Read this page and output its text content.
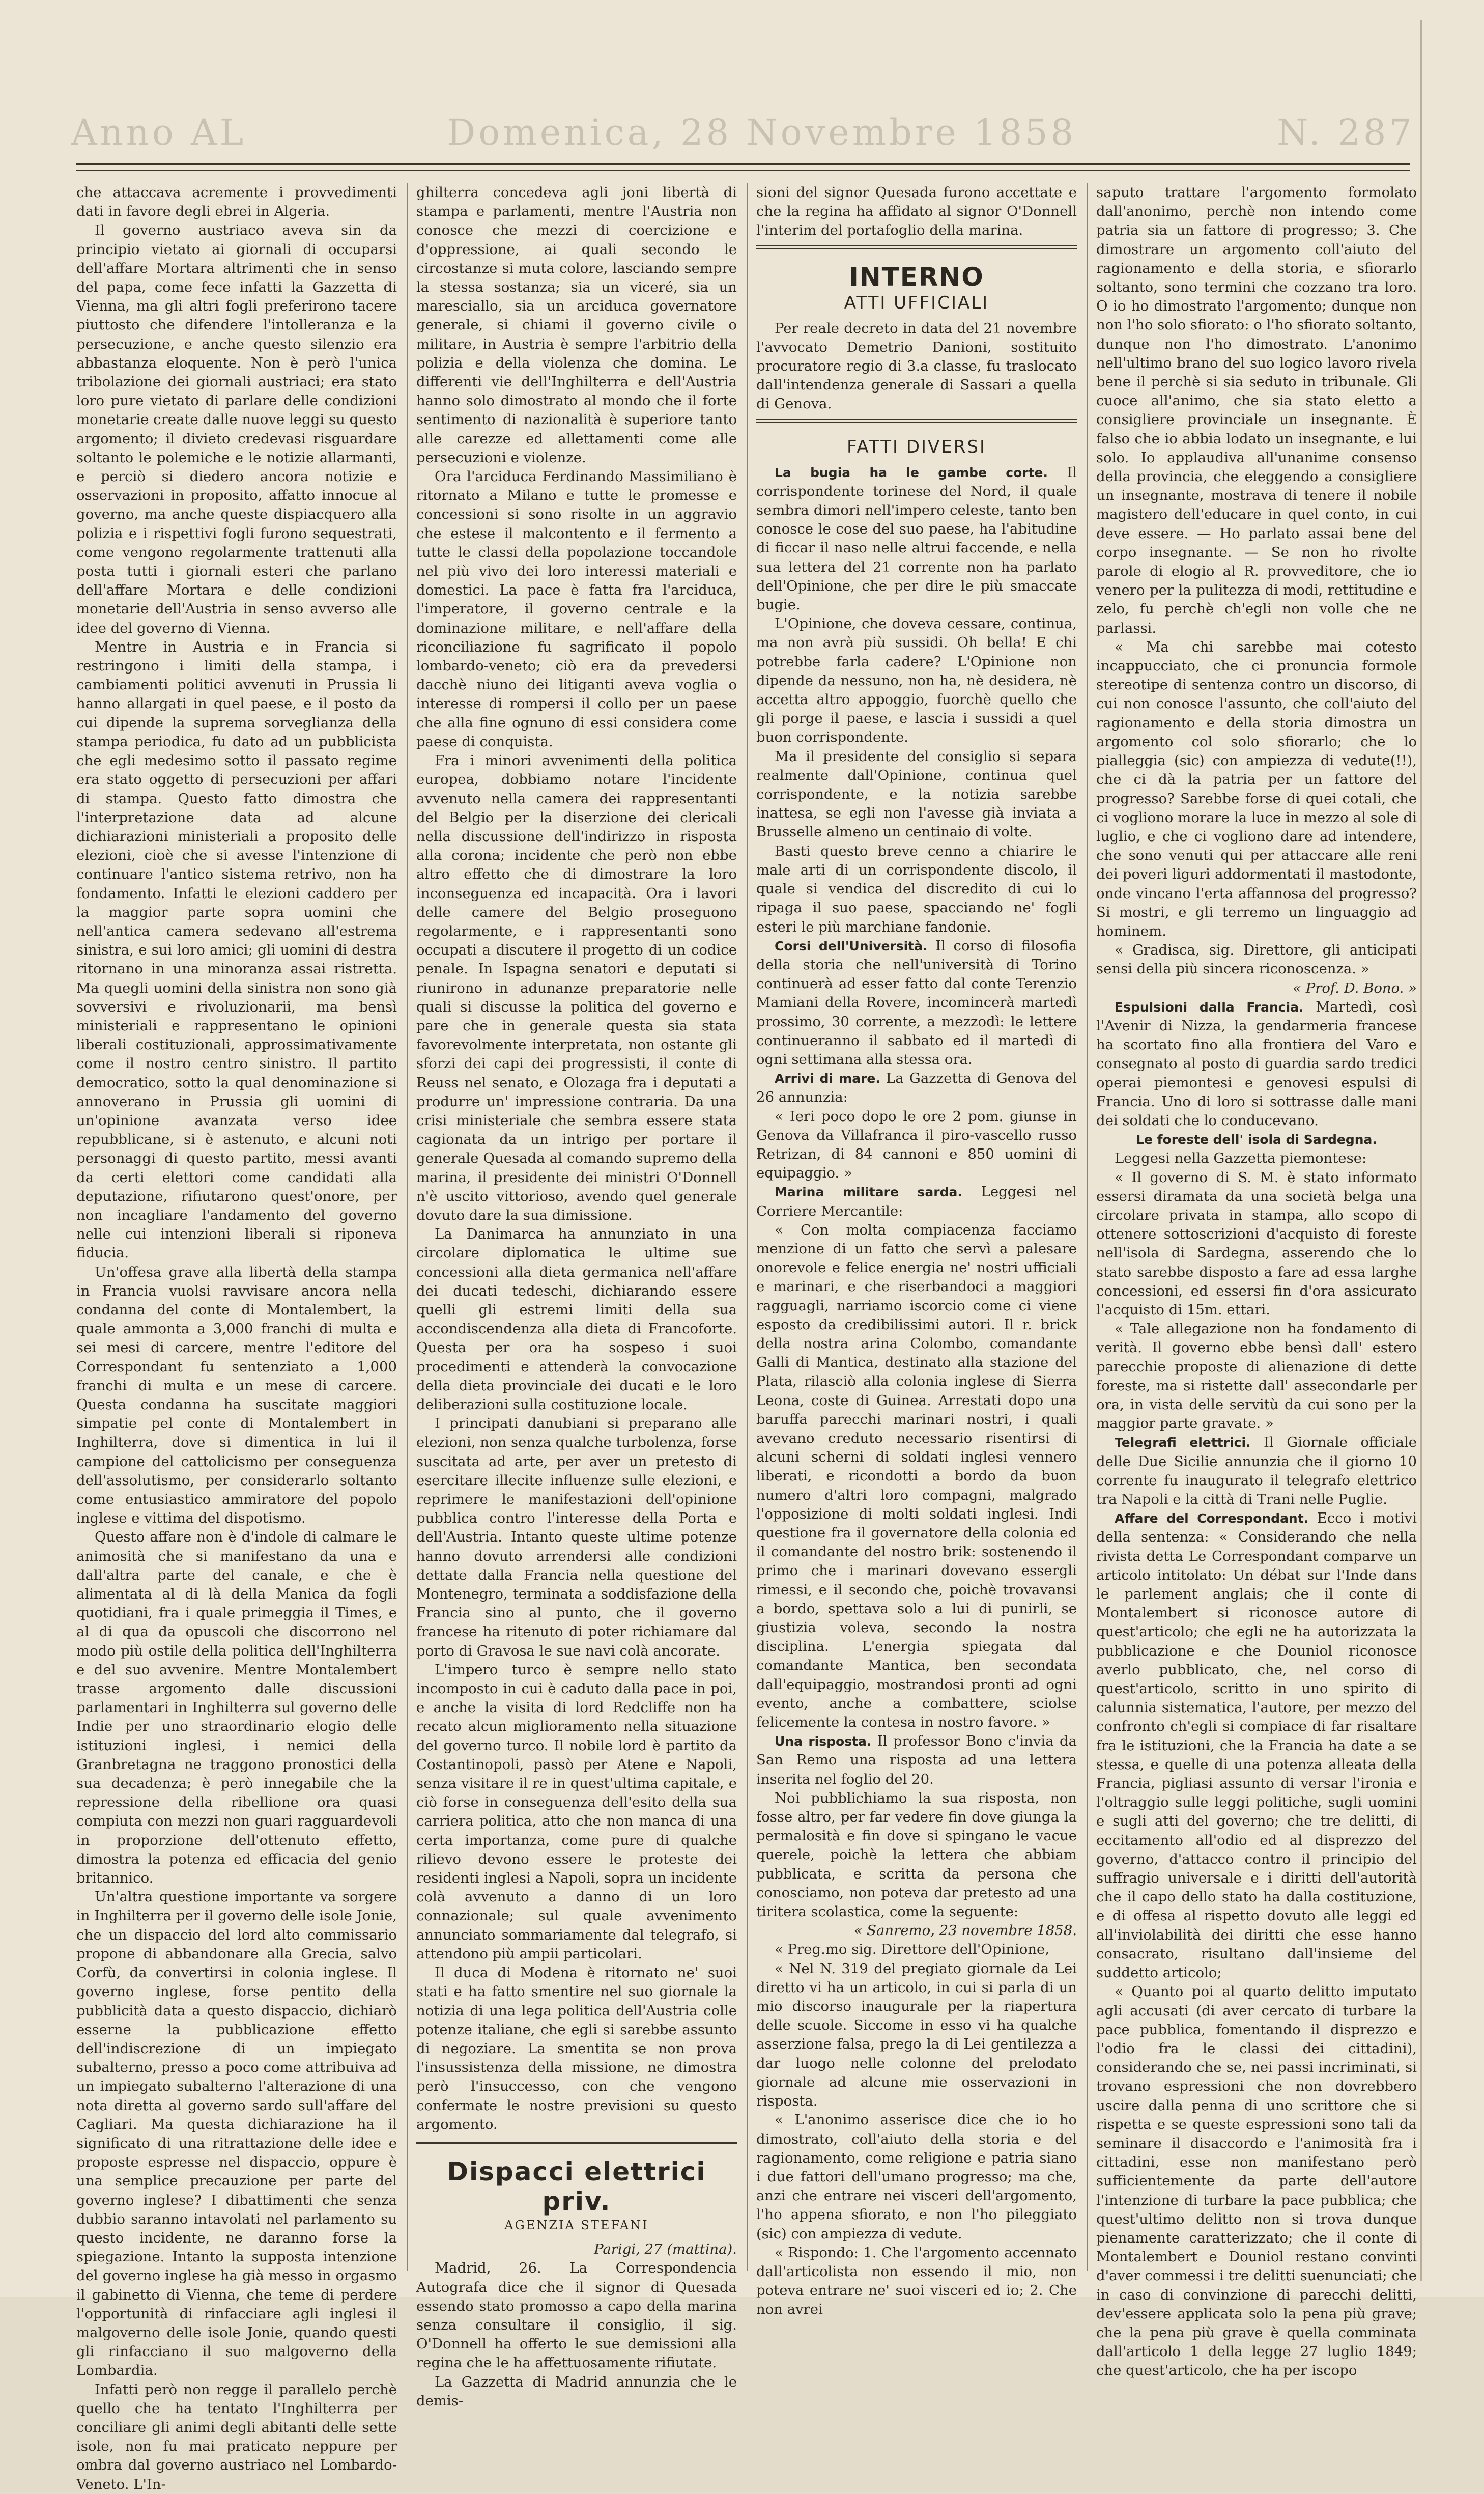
Anno AL	Domenica, 28 Novembre 1858	N. 287

che attaccava acremente i provvedimenti dati in favore degli ebrei in Algeria.

Il governo austriaco aveva sin da principio vietato ai giornali di occuparsi dell'affare Mortara altrimenti che in senso del papa, come fece infatti la Gazzetta di Vienna, ma gli altri fogli preferirono tacere piuttosto che difendere l'intolleranza e la persecuzione, e anche questo silenzio era abbastanza eloquente. Non è però l'unica tribolazione dei giornali austriaci; era stato loro pure vietato di parlare delle condizioni monetarie create dalle nuove leggi su questo argomento; il divieto credevasi risguardare soltanto le polemiche e le notizie allarmanti, e perciò si diedero ancora notizie e osservazioni in proposito, affatto innocue al governo, ma anche queste dispiacquero alla polizia e i rispettivi fogli furono sequestrati, come vengono regolarmente trattenuti alla posta tutti i giornali esteri che parlano dell'affare Mortara e delle condizioni monetarie dell'Austria in senso avverso alle idee del governo di Vienna.

Mentre in Austria e in Francia si restringono i limiti della stampa, i cambiamenti politici avvenuti in Prussia li hanno allargati in quel paese, e il posto da cui dipende la suprema sorveglianza della stampa periodica, fu dato ad un pubblicista che egli medesimo sotto il passato regime era stato oggetto di persecuzioni per affari di stampa. Questo fatto dimostra che l'interpretazione data ad alcune dichiarazioni ministeriali a proposito delle elezioni, cioè che si avesse l'intenzione di continuare l'antico sistema retrivo, non ha fondamento. Infatti le elezioni caddero per la maggior parte sopra uomini che nell'antica camera sedevano all'estrema sinistra, e sui loro amici; gli uomini di destra ritornano in una minoranza assai ristretta. Ma quegli uomini della sinistra non sono già sovversivi e rivoluzionarii, ma bensì ministeriali e rappresentano le opinioni liberali costituzionali, approssimativamente come il nostro centro sinistro. Il partito democratico, sotto la qual denominazione si annoverano in Prussia gli uomini di un'opinione avanzata verso idee repubblicane, si è astenuto, e alcuni noti personaggi di questo partito, messi avanti da certi elettori come candidati alla deputazione, rifiutarono quest'onore, per non incagliare l'andamento del governo nelle cui intenzioni liberali si riponeva fiducia.

Un'offesa grave alla libertà della stampa in Francia vuolsi ravvisare ancora nella condanna del conte di Montalembert, la quale ammonta a 3,000 franchi di multa e sei mesi di carcere, mentre l'editore del Correspondant fu sentenziato a 1,000 franchi di multa e un mese di carcere. Questa condanna ha suscitate maggiori simpatie pel conte di Montalembert in Inghilterra, dove si dimentica in lui il campione del cattolicismo per conseguenza dell'assolutismo, per considerarlo soltanto come entusiastico ammiratore del popolo inglese e vittima del dispotismo.

Questo affare non è d'indole di calmare le animosità che si manifestano da una e dall'altra parte del canale, e che è alimentata al di là della Manica da fogli quotidiani, fra i quale primeggia il Times, e al di qua da opuscoli che discorrono nel modo più ostile della politica dell'Inghilterra e del suo avvenire. Mentre Montalembert trasse argomento dalle discussioni parlamentari in Inghilterra sul governo delle Indie per uno straordinario elogio delle istituzioni inglesi, i nemici della Granbretagna ne traggono pronostici della sua decadenza; è però innegabile che la repressione della ribellione ora quasi compiuta con mezzi non guari ragguardevoli in proporzione dell'ottenuto effetto, dimostra la potenza ed efficacia del genio britannico.

Un'altra questione importante va sorgere in Inghilterra per il governo delle isole Jonie, che un dispaccio del lord alto commissario propone di abbandonare alla Grecia, salvo Corfù, da convertirsi in colonia inglese. Il governo inglese, forse pentito della pubblicità data a questo dispaccio, dichiarò esserne la pubblicazione effetto dell'indiscrezione di un impiegato subalterno, presso a poco come attribuiva ad un impiegato subalterno l'alterazione di una nota diretta al governo sardo sull'affare del Cagliari. Ma questa dichiarazione ha il significato di una ritrattazione delle idee e proposte espresse nel dispaccio, oppure è una semplice precauzione per parte del governo inglese? I dibattimenti che senza dubbio saranno intavolati nel parlamento su questo incidente, ne daranno forse la spiegazione. Intanto la supposta intenzione del governo inglese ha già messo in orgasmo il gabinetto di Vienna, che teme di perdere l'opportunità di rinfacciare agli inglesi il malgoverno delle isole Jonie, quando questi gli rinfacciano il suo malgoverno della Lombardia.

Infatti però non regge il parallelo perchè quello che ha tentato l'Inghilterra per conciliare gli animi degli abitanti delle sette isole, non fu mai praticato neppure per ombra dal governo austriaco nel Lombardo-Veneto. L'In-

ghilterra concedeva agli joni libertà di stampa e parlamenti, mentre l'Austria non conosce che mezzi di coercizione e d'oppressione, ai quali secondo le circostanze si muta colore, lasciando sempre la stessa sostanza; sia un viceré, sia un maresciallo, sia un arciduca governatore generale, si chiami il governo civile o militare, in Austria è sempre l'arbitrio della polizia e della violenza che domina. Le differenti vie dell'Inghilterra e dell'Austria hanno solo dimostrato al mondo che il forte sentimento di nazionalità è superiore tanto alle carezze ed allettamenti come alle persecuzioni e violenze.

Ora l'arciduca Ferdinando Massimiliano è ritornato a Milano e tutte le promesse e concessioni si sono risolte in un aggravio che estese il malcontento e il fermento a tutte le classi della popolazione toccandole nel più vivo dei loro interessi materiali e domestici. La pace è fatta fra l'arciduca, l'imperatore, il governo centrale e la dominazione militare, e nell'affare della riconciliazione fu sagrificato il popolo lombardo-veneto; ciò era da prevedersi dacchè niuno dei litiganti aveva voglia o interesse di rompersi il collo per un paese che alla fine ognuno di essi considera come paese di conquista.

Fra i minori avvenimenti della politica europea, dobbiamo notare l'incidente avvenuto nella camera dei rappresentanti del Belgio per la diserzione dei clericali nella discussione dell'indirizzo in risposta alla corona; incidente che però non ebbe altro effetto che di dimostrare la loro inconseguenza ed incapacità. Ora i lavori delle camere del Belgio proseguono regolarmente, e i rappresentanti sono occupati a discutere il progetto di un codice penale. In Ispagna senatori e deputati si riunirono in adunanze preparatorie nelle quali si discusse la politica del governo e pare che in generale questa sia stata favorevolmente interpretata, non ostante gli sforzi dei capi dei progressisti, il conte di Reuss nel senato, e Olozaga fra i deputati a produrre un' impressione contraria. Da una crisi ministeriale che sembra essere stata cagionata da un intrigo per portare il generale Quesada al comando supremo della marina, il presidente dei ministri O'Donnell n'è uscito vittorioso, avendo quel generale dovuto dare la sua dimissione.

La Danimarca ha annunziato in una circolare diplomatica le ultime sue concessioni alla dieta germanica nell'affare dei ducati tedeschi, dichiarando essere quelli gli estremi limiti della sua accondiscendenza alla dieta di Francoforte. Questa per ora ha sospeso i suoi procedimenti e attenderà la convocazione della dieta provinciale dei ducati e le loro deliberazioni sulla costituzione locale.

I principati danubiani si preparano alle elezioni, non senza qualche turbolenza, forse suscitata ad arte, per aver un pretesto di esercitare illecite influenze sulle elezioni, e reprimere le manifestazioni dell'opinione pubblica contro l'interesse della Porta e dell'Austria. Intanto queste ultime potenze hanno dovuto arrendersi alle condizioni dettate dalla Francia nella questione del Montenegro, terminata a soddisfazione della Francia sino al punto, che il governo francese ha ritenuto di poter richiamare dal porto di Gravosa le sue navi colà ancorate.

L'impero turco è sempre nello stato incomposto in cui è caduto dalla pace in poi, e anche la visita di lord Redcliffe non ha recato alcun miglioramento nella situazione del governo turco. Il nobile lord è partito da Costantinopoli, passò per Atene e Napoli, senza visitare il re in quest'ultima capitale, e ciò forse in conseguenza dell'esito della sua carriera politica, atto che non manca di una certa importanza, come pure di qualche rilievo devono essere le proteste dei residenti inglesi a Napoli, sopra un incidente colà avvenuto a danno di un loro connazionale; sul quale avvenimento annunciato sommariamente dal telegrafo, si attendono più ampii particolari.

Il duca di Modena è ritornato ne' suoi stati e ha fatto smentire nel suo giornale la notizia di una lega politica dell'Austria colle potenze italiane, che egli si sarebbe assunto di negoziare. La smentita se non prova l'insussistenza della missione, ne dimostra però l'insuccesso, con che vengono confermate le nostre previsioni su questo argomento.

Dispacci elettrici priv.
AGENZIA STEFANI

Parigi, 27 (mattina).

Madrid, 26. La Correspondencia Autografa dice che il signor di Quesada essendo stato promosso a capo della marina senza consultare il consiglio, il sig. O'Donnell ha offerto le sue demissioni alla regina che le ha affettuosamente rifiutate.

La Gazzetta di Madrid annunzia che le demis-

sioni del signor Quesada furono accettate e che la regina ha affidato al signor O'Donnell l'interim del portafoglio della marina.

INTERNO
ATTI UFFICIALI

Per reale decreto in data del 21 novembre l'avvocato Demetrio Danioni, sostituito procuratore regio di 3.a classe, fu traslocato dall'intendenza generale di Sassari a quella di Genova.

FATTI DIVERSI

La bugia ha le gambe corte. Il corrispondente torinese del Nord, il quale sembra dimori nell'impero celeste, tanto ben conosce le cose del suo paese, ha l'abitudine di ficcar il naso nelle altrui faccende, e nella sua lettera del 21 corrente non ha parlato dell'Opinione, che per dire le più smaccate bugie.

L'Opinione, che doveva cessare, continua, ma non avrà più sussidi. Oh bella! E chi potrebbe farla cadere? L'Opinione non dipende da nessuno, non ha, nè desidera, nè accetta altro appoggio, fuorchè quello che gli porge il paese, e lascia i sussidi a quel buon corrispondente.

Ma il presidente del consiglio si separa realmente dall'Opinione, continua quel corrispondente, e la notizia sarebbe inattesa, se egli non l'avesse già inviata a Brusselle almeno un centinaio di volte.

Basti questo breve cenno a chiarire le male arti di un corrispondente discolo, il quale si vendica del discredito di cui lo ripaga il suo paese, spacciando ne' fogli esteri le più marchiane fandonie.

Corsi dell'Università. Il corso di filosofia della storia che nell'università di Torino continuerà ad esser fatto dal conte Terenzio Mamiani della Rovere, incomincerà martedì prossimo, 30 corrente, a mezzodì: le lettere continueranno il sabbato ed il martedì di ogni settimana alla stessa ora.

Arrivi di mare. La Gazzetta di Genova del 26 annunzia:

« Ieri poco dopo le ore 2 pom. giunse in Genova da Villafranca il piro-vascello russo Retrizan, di 84 cannoni e 850 uomini di equipaggio. »

Marina militare sarda. Leggesi nel Corriere Mercantile:

« Con molta compiacenza facciamo menzione di un fatto che servì a palesare onorevole e felice energia ne' nostri ufficiali e marinari, e che riserbandoci a maggiori ragguagli, narriamo iscorcio come ci viene esposto da credibilissimi autori. Il r. brick della nostra arina Colombo, comandante Galli di Mantica, destinato alla stazione del Plata, rilasciò alla colonia inglese di Sierra Leona, coste di Guinea. Arrestati dopo una baruffa parecchi marinari nostri, i quali avevano creduto necessario risentirsi di alcuni scherni di soldati inglesi vennero liberati, e ricondotti a bordo da buon numero d'altri loro compagni, malgrado l'opposizione di molti soldati inglesi. Indi questione fra il governatore della colonia ed il comandante del nostro brik: sostenendo il primo che i marinari dovevano essergli rimessi, e il secondo che, poichè trovavansi a bordo, spettava solo a lui di punirli, se giustizia voleva, secondo la nostra disciplina. L'energia spiegata dal comandante Mantica, ben secondata dall'equipaggio, mostrandosi pronti ad ogni evento, anche a combattere, sciolse felicemente la contesa in nostro favore. »

Una risposta. Il professor Bono c'invia da San Remo una risposta ad una lettera inserita nel foglio del 20.

Noi pubblichiamo la sua risposta, non fosse altro, per far vedere fin dove giunga la permalosità e fin dove si spingano le vacue querele, poichè la lettera che abbiam pubblicata, e scritta da persona che conosciamo, non poteva dar pretesto ad una tiritera scolastica, come la seguente:

« Sanremo, 23 novembre 1858.

« Preg.mo sig. Direttore dell'Opinione,

« Nel N. 319 del pregiato giornale da Lei diretto vi ha un articolo, in cui si parla di un mio discorso inaugurale per la riapertura delle scuole. Siccome in esso vi ha qualche asserzione falsa, prego la di Lei gentilezza a dar luogo nelle colonne del prelodato giornale ad alcune mie osservazioni in risposta.

« L'anonimo asserisce dice che io ho dimostrato, coll'aiuto della storia e del ragionamento, come religione e patria siano i due fattori dell'umano progresso; ma che, anzi che entrare nei visceri dell'argomento, l'ho appena sfiorato, e non l'ho pileggiato (sic) con ampiezza di vedute.

« Rispondo: 1. Che l'argomento accennato dall'articolista non essendo il mio, non poteva entrare ne' suoi visceri ed io; 2. Che non avrei

saputo trattare l'argomento formolato dall'anonimo, perchè non intendo come patria sia un fattore di progresso; 3. Che dimostrare un argomento coll'aiuto del ragionamento e della storia, e sfiorarlo soltanto, sono termini che cozzano tra loro. O io ho dimostrato l'argomento; dunque non non l'ho solo sfiorato: o l'ho sfiorato soltanto, dunque non l'ho dimostrato. L'anonimo nell'ultimo brano del suo logico lavoro rivela bene il perchè si sia seduto in tribunale. Gli cuoce all'animo, che sia stato eletto a consigliere provinciale un insegnante. È falso che io abbia lodato un insegnante, e lui solo. Io applaudiva all'unanime consenso della provincia, che eleggendo a consigliere un insegnante, mostrava di tenere il nobile magistero dell'educare in quel conto, in cui deve essere. — Ho parlato assai bene del corpo insegnante. — Se non ho rivolte parole di elogio al R. provveditore, che io venero per la pulitezza di modi, rettitudine e zelo, fu perchè ch'egli non volle che ne parlassi.

« Ma chi sarebbe mai cotesto incappucciato, che ci pronuncia formole stereotipe di sentenza contro un discorso, di cui non conosce l'assunto, che coll'aiuto del ragionamento e della storia dimostra un argomento col solo sfiorarlo; che lo pialleggia (sic) con ampiezza di vedute(!!), che ci dà la patria per un fattore del progresso? Sarebbe forse di quei cotali, che ci vogliono morare la luce in mezzo al sole di luglio, e che ci vogliono dare ad intendere, che sono venuti qui per attaccare alle reni dei poveri liguri addormentati il mastodonte, onde vincano l'erta affannosa del progresso? Si mostri, e gli terremo un linguaggio ad hominem.

« Gradisca, sig. Direttore, gli anticipati sensi della più sincera riconoscenza. »

« Prof. D. Bono. »

Espulsioni dalla Francia. Martedì, così l'Avenir di Nizza, la gendarmeria francese ha scortato fino alla frontiera del Varo e consegnato al posto di guardia sardo tredici operai piemontesi e genovesi espulsi di Francia. Uno di loro si sottrasse dalle mani dei soldati che lo conducevano.

Le foreste dell' isola di Sardegna.

Leggesi nella Gazzetta piemontese:

« Il governo di S. M. è stato informato essersi diramata da una società belga una circolare privata in stampa, allo scopo di ottenere sottoscrizioni d'acquisto di foreste nell'isola di Sardegna, asserendo che lo stato sarebbe disposto a fare ad essa larghe concessioni, ed essersi fin d'ora assicurato l'acquisto di 15m. ettari.

« Tale allegazione non ha fondamento di verità. Il governo ebbe bensì dall' estero parecchie proposte di alienazione di dette foreste, ma si ristette dall' assecondarle per ora, in vista delle servitù da cui sono per la maggior parte gravate. »

Telegrafi elettrici. Il Giornale officiale delle Due Sicilie annunzia che il giorno 10 corrente fu inaugurato il telegrafo elettrico tra Napoli e la città di Trani nelle Puglie.

Affare del Correspondant. Ecco i motivi della sentenza: « Considerando che nella rivista detta Le Correspondant comparve un articolo intitolato: Un débat sur l'Inde dans le parlement anglais; che il conte di Montalembert si riconosce autore di quest'articolo; che egli ne ha autorizzata la pubblicazione e che Douniol riconosce averlo pubblicato, che, nel corso di quest'articolo, scritto in uno spirito di calunnia sistematica, l'autore, per mezzo del confronto ch'egli si compiace di far risaltare fra le istituzioni, che la Francia ha date a se stessa, e quelle di una potenza alleata della Francia, pigliasi assunto di versar l'ironia e l'oltraggio sulle leggi politiche, sugli uomini e sugli atti del governo; che tre delitti, di eccitamento all'odio ed al disprezzo del governo, d'attacco contro il principio del suffragio universale e i diritti dell'autorità che il capo dello stato ha dalla costituzione, e di offesa al rispetto dovuto alle leggi ed all'inviolabilità dei diritti che esse hanno consacrato, risultano dall'insieme del suddetto articolo;

« Quanto poi al quarto delitto imputato agli accusati (di aver cercato di turbare la pace pubblica, fomentando il disprezzo e l'odio fra le classi dei cittadini), considerando che se, nei passi incriminati, si trovano espressioni che non dovrebbero uscire dalla penna di uno scrittore che si rispetta e se queste espressioni sono tali da seminare il disaccordo e l'animosità fra i cittadini, esse non manifestano però sufficientemente da parte dell'autore l'intenzione di turbare la pace pubblica; che quest'ultimo delitto non si trova dunque pienamente caratterizzato; che il conte di Montalembert e Douniol restano convinti d'aver commessi i tre delitti suenunciati; che in caso di convinzione di parecchi delitti, dev'essere applicata solo la pena più grave; che la pena più grave è quella comminata dall'articolo 1 della legge 27 luglio 1849; che quest'articolo, che ha per iscopo
